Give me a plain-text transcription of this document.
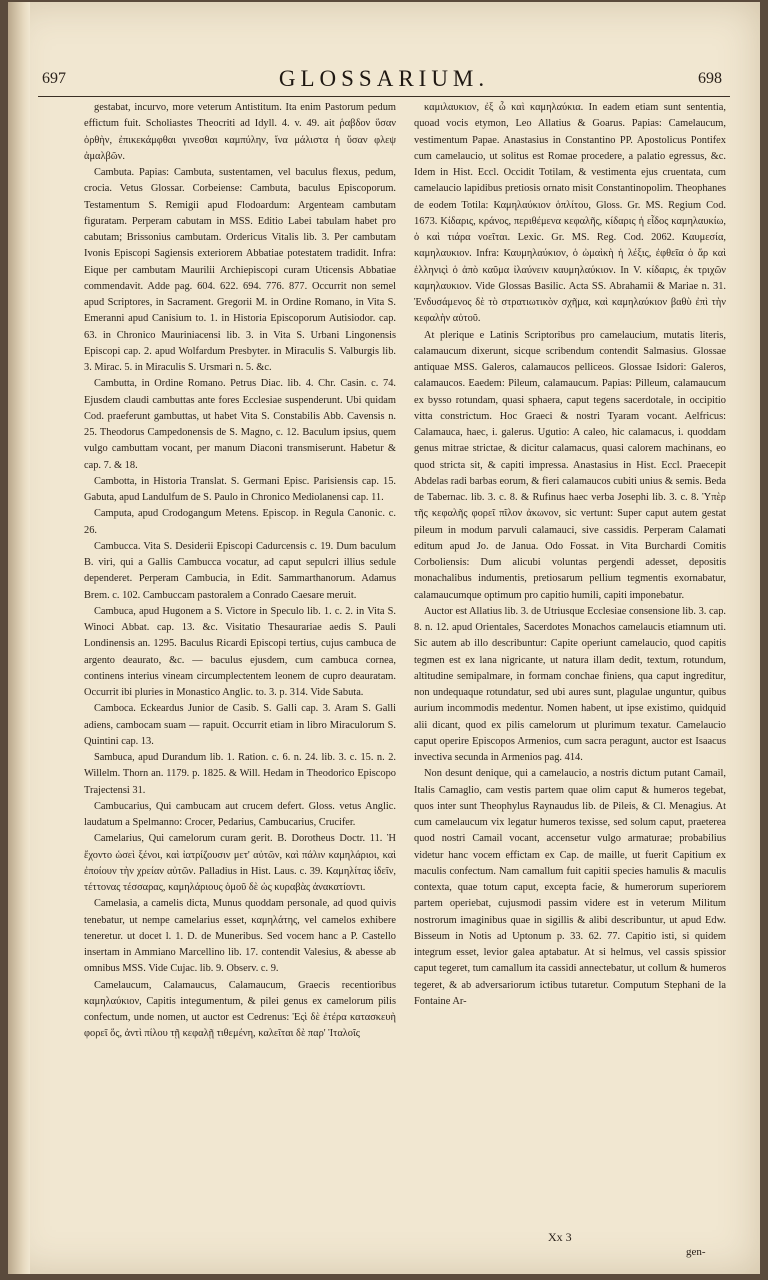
697	GLOSSARIUM.	698

gestabat, incurvo, more veterum Antistitum. Ita enim Pastorum pedum effictum fuit. Scholiastes Theocriti ad Idyll. 4. v. 49. ait ῥαβδον ὕσαν ὀρθὴν, ἐπικεκάμφθαι γινεσθαι καμπύλην, ἵνα μάλιστα ἡ ὕσαν φλεψ ἀμαλβῶν.

Cambuta. Papias: Cambuta, sustentamen, vel baculus flexus, pedum, crocia. Vetus Glossar. Corbeiense: Cambuta, baculus Episcoporum. Testamentum S. Remigii apud Flodoardum: Argenteam cambutam figuratam. Perperam cabutam in MSS. Editio Labei tabulam habet pro cabutam; Brissonius cambutam. Ordericus Vitalis lib. 3. Per cambutam Ivonis Episcopi Sagiensis exteriorem Abbatiae potestatem tradidit. Infra: Eique per cambutam Maurilii Archiepiscopi curam Uticensis Abbatiae commendavit. Adde pag. 604. 622. 694. 776. 877. Occurrit non semel apud Scriptores, in Sacrament. Gregorii M. in Ordine Romano, in Vita S. Emeranni apud Canisium to. 1. in Historia Episcoporum Autisiodor. cap. 63. in Chronico Mauriniacensi lib. 3. in Vita S. Urbani Lingonensis Episcopi cap. 2. apud Wolfardum Presbyter. in Miraculis S. Valburgis lib. 3. Mirac. 5. in Miraculis S. Ursmari n. 5. &c.

Cambutta, in Ordine Romano. Petrus Diac. lib. 4. Chr. Casin. c. 74. Ejusdem claudi cambuttas ante fores Ecclesiae suspenderunt. Ubi quidam Cod. praeferunt gambuttas, ut habet Vita S. Constabilis Abb. Cavensis n. 25. Theodorus Campedonensis de S. Magno, c. 12. Baculum ipsius, quem vulgo cambuttam vocant, per manum Diaconi transmiserunt. Habetur & cap. 7. & 18.

Cambotta, in Historia Translat. S. Germani Episc. Parisiensis cap. 15. Gabuta, apud Landulfum de S. Paulo in Chronico Mediolanensi cap. 11.

Camputa, apud Crodogangum Metens. Episcop. in Regula Canonic. c. 26.

Cambucca. Vita S. Desiderii Episcopi Cadurcensis c. 19. Dum baculum B. viri, qui a Gallis Cambucca vocatur, ad caput sepulcri illius sedule dependeret. Perperam Cambucia, in Edit. Sammarthanorum. Adamus Brem. c. 102. Cambuccam pastoralem a Conrado Caesare meruit.

Cambuca, apud Hugonem a S. Victore in Speculo lib. 1. c. 2. in Vita S. Winoci Abbat. cap. 13. &c. Visitatio Thesaurariae aedis S. Pauli Londinensis an. 1295. Baculus Ricardi Episcopi tertius, cujus cambuca de argento deaurato, &c. — baculus ejusdem, cum cambuca cornea, continens interius vineam circumplectentem leonem de cupro deauratam. Occurrit ibi pluries in Monastico Anglic. to. 3. p. 314. Vide Sabuta.

Camboca. Eckeardus Junior de Casib. S. Galli cap. 3. Aram S. Galli adiens, cambocam suam — rapuit. Occurrit etiam in libro Miraculorum S. Quintini cap. 13.

Sambuca, apud Durandum lib. 1. Ration. c. 6. n. 24. lib. 3. c. 15. n. 2. Willelm. Thorn an. 1179. p. 1825. & Will. Hedam in Theodorico Episcopo Trajectensi 31.

Cambucarius, Qui cambucam aut crucem defert. Gloss. vetus Anglic. laudatum a Spelmanno: Crocer, Pedarius, Cambucarius, Crucifer.

Camelarius, Qui camelorum curam gerit. B. Dorotheus Doctr. 11. Ἡ ἔχοντο ὡσεὶ ξένοι, καὶ ἰατρίζουσιν μετ' αὐτῶν, καὶ πάλιν καμηλάριοι, καὶ ἐποίουν τὴν χρείαν αὐτῶν. Palladius in Hist. Laus. c. 39. Καμηλίτας ἰδεῖν, τέττονας τέσσαρας, καμηλάριους ὁμοῦ δὲ ὠς κυραβὰς ἀνακατίοντι.

Camelasia, a camelis dicta, Munus quoddam personale, ad quod quivis tenebatur, ut nempe camelarius esset, καμηλάτης, vel camelos exhibere teneretur. ut docet l. 1. D. de Muneribus. Sed vocem hanc a P. Castello insertam in Ammiano Marcellino lib. 17. contendit Valesius, & abesse ab omnibus MSS. Vide Cujac. lib. 9. Observ. c. 9.

Camelaucum, Calamaucus, Calamaucum, Graecis recentioribus καμηλαύκιον, Capitis integumentum, & pilei genus ex camelorum pilis confectum, unde nomen, ut auctor est Cedrenus: Ἐςὶ δὲ ἐτέρα κατασκευὴ φορεῖ ὅς, ἀντὶ πίλου τῇ κεφαλῇ τιθεμένη, καλεῖται δὲ παρ' Ἰταλοῖς

καμιλαυκιον, ἐξ ὧ καὶ καμηλαύκια. In eadem etiam sunt sententia, quoad vocis etymon, Leo Allatius & Goarus. Papias: Camelaucum, vestimentum Papae. Anastasius in Constantino PP. Apostolicus Pontifex cum camelaucio, ut solitus est Romae procedere, a palatio egressus, &c. Idem in Hist. Eccl. Occidit Totilam, & vestimenta ejus cruentata, cum camelaucio lapidibus pretiosis ornato misit Constantinopolim. Theophanes de eodem Totila: Καμηλαύκιον ὁπλίτου, Gloss. Gr. MS. Regium Cod. 1673. Κίδαρις, κράνος, περιθέμενα κεφαλῆς, κίδαρις ἡ εἶδος καμηλαυκίω, ὁ καὶ τιάρα νοεῖται. Lexic. Gr. MS. Reg. Cod. 2062. Καυμεσία, καμηλαυκιον. Infra: Καυμηλαύκιον, ὁ ὠμαὶκὴ ἡ λέξις, ἐφθεῖα ὁ ἄρ καὶ ἑλληνιςὶ ὁ ἀπὸ καῦμα ἰλαύνειν καυμηλαύκιον. In V. κίδαρις, ἐκ τριχῶν καμηλαυκιον. Vide Glossas Basilic. Acta SS. Abrahamii & Mariae n. 31. Ἐνδυσάμενος δὲ τὸ στρατιωτικὸν σχῆμα, καὶ καμηλαύκιον βαθὺ ἐπὶ τὴν κεφαλὴν αὐτοῦ.

At plerique e Latinis Scriptoribus pro camelaucium, mutatis literis, calamaucum dixerunt, sicque scribendum contendit Salmasius. Glossae antiquae MSS. Galeros, calamaucos pelliceos. Glossae Isidori: Galeros, calamaucos. Eaedem: Pileum, calamaucum. Papias: Pilleum, calamaucum ex bysso rotundam, quasi sphaera, caput tegens sacerdotale, in occipitio vitta constrictum. Hoc Graeci & nostri Tyaram vocant. Aelfricus: Calamauca, haec, i. galerus. Ugutio: A caleo, hic calamacus, i. quoddam genus mitrae strictae, & dicitur calamacus, quasi calorem machinans, eo quod stricta sit, & capiti impressa. Anastasius in Hist. Eccl. Praecepit Abdelas radi barbas eorum, & fieri calamaucos cubiti unius & semis. Beda de Tabernac. lib. 3. c. 8. & Rufinus haec verba Josephi lib. 3. c. 8. Ὑπὲρ τῆς κεφαλῆς φορεῖ πῖλον ἀκωνον, sic vertunt: Super caput autem gestat pileum in modum parvuli calamauci, sive cassidis. Perperam Calamati editum apud Jo. de Janua. Odo Fossat. in Vita Burchardi Comitis Corboliensis: Dum alicubi voluntas pergendi adesset, depositis monachalibus indumentis, pretiosarum pellium tegmentis exornabatur, calamaucumque optimum pro capitio humili, capiti imponebatur.

Auctor est Allatius lib. 3. de Utriusque Ecclesiae consensione lib. 3. cap. 8. n. 12. apud Orientales, Sacerdotes Monachos camelaucis etiamnum uti. Sic autem ab illo describuntur: Capite operiunt camelaucio, quod capitis tegmen est ex lana nigricante, ut natura illam dedit, textum, rotundum, altitudine semipalmare, in formam conchae finiens, qua caput ingreditur, non undequaque rotundatur, sed ubi aures sunt, plagulae unguntur, quibus aurium incommodis medentur. Nomen habent, ut ipse existimo, quidquid alii dicant, quod ex pilis camelorum ut plurimum texatur. Camelaucio caput operire Episcopos Armenios, cum sacra peragunt, auctor est Isaacus invectiva secunda in Armenios pag. 414.

Non desunt denique, qui a camelaucio, a nostris dictum putant Camail, Italis Camaglio, cam vestis partem quae olim caput & humeros tegebat, quos inter sunt Theophylus Raynaudus lib. de Pileis, & Cl. Menagius. At cum camelaucum vix legatur humeros texisse, sed solum caput, praeterea quod nostri Camail vocant, accensetur vulgo armaturae; probabilius videtur hanc vocem effictam ex Cap. de maille, ut fuerit Capitium ex maculis confectum. Nam camallum fuit capitii species hamulis & maculis contexta, quae totum caput, excepta facie, & humerorum superiorem partem operiebat, cujusmodi passim videre est in veterum Militum nostrorum imaginibus quae in sigillis & alibi describuntur, ut apud Edw. Bisseum in Notis ad Uptonum p. 33. 62. 77. Capitio isti, si quidem integrum esset, levior galea aptabatur. At si helmus, vel cassis spissior caput tegeret, tum camallum ita cassidi annectebatur, ut collum & humeros tegeret, & ab adversariorum ictibus tutaretur. Computum Stephani de la Fontaine Ar-

Xx 3
gen-
